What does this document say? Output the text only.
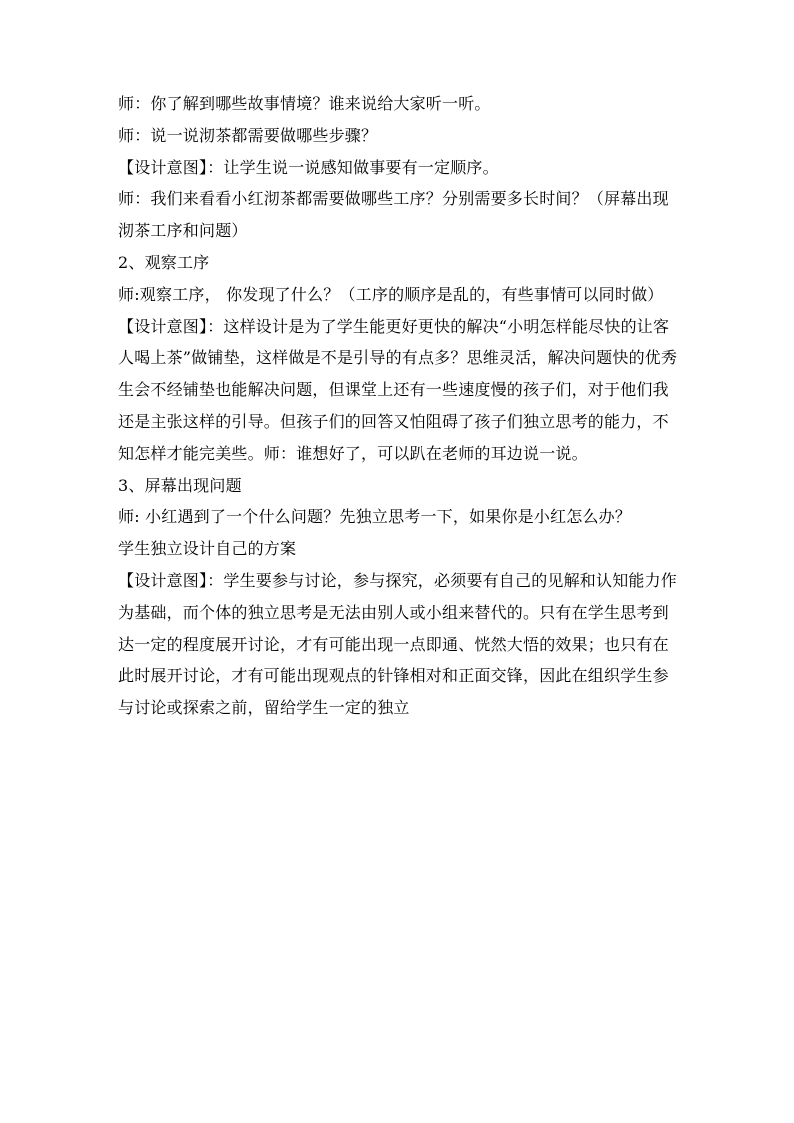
师：你了解到哪些故事情境？谁来说给大家听一听。

师：说一说沏茶都需要做哪些步骤？

【设计意图】：让学生说一说感知做事要有一定顺序。

师：我们来看看小红沏茶都需要做哪些工序？分别需要多长时间？（屏幕出现沏茶工序和问题）

2、观察工序

师:观察工序， 你发现了什么？（工序的顺序是乱的，有些事情可以同时做）

【设计意图】：这样设计是为了学生能更好更快的解决“小明怎样能尽快的让客人喝上茶”做铺垫，这样做是不是引导的有点多？思维灵活，解决问题快的优秀生会不经铺垫也能解决问题，但课堂上还有一些速度慢的孩子们，对于他们我还是主张这样的引导。但孩子们的回答又怕阻碍了孩子们独立思考的能力，不知怎样才能完美些。师：谁想好了，可以趴在老师的耳边说一说。

3、屏幕出现问题

师: 小红遇到了一个什么问题？先独立思考一下，如果你是小红怎么办？

学生独立设计自己的方案

【设计意图】：学生要参与讨论，参与探究，必须要有自己的见解和认知能力作为基础，而个体的独立思考是无法由别人或小组来替代的。只有在学生思考到达一定的程度展开讨论，才有可能出现一点即通、恍然大悟的效果；也只有在此时展开讨论，才有可能出现观点的针锋相对和正面交锋，因此在组织学生参与讨论或探索之前，留给学生一定的独立
